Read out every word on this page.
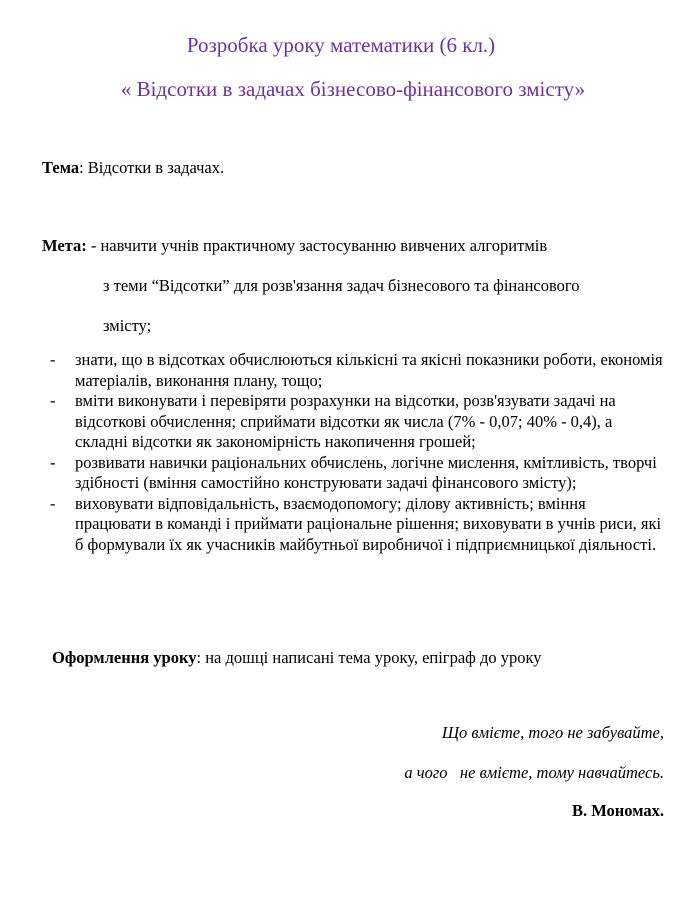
Розробка уроку математики (6 кл.)
« Відсотки в задачах бізнесово-фінансового змісту»
Тема: Відсотки в задачах.
Мета: - навчити учнів практичному застосуванню вивчених алгоритмів
з теми “Відсотки” для розв'язання задач бізнесового та фінансового
змісту;
- знати, що в відсотках обчислюються кількісні та якісні показники роботи, економія матеріалів, виконання плану, тощо;
- вміти виконувати і перевіряти розрахунки на відсотки, розв'язувати задачі на відсоткові обчислення; сприймати відсотки як числа (7% - 0,07; 40% - 0,4), а складні відсотки як закономірність накопичення грошей;
- розвивати навички раціональних обчислень, логічне мислення, кмітливість, творчі здібності (вміння самостійно конструювати задачі фінансового змісту);
- виховувати відповідальність, взаємодопомогу; ділову активність; вміння працювати в команді і приймати раціональне рішення; виховувати в учнів риси, які б формували їх як учасників майбутньої виробничої і підприємницької діяльності.
Оформлення уроку: на дошці написані тема уроку, епіграф до уроку
Що вмієте, того не забувайте,
а чого   не вмієте, тому навчайтесь.
В. Мономах.
